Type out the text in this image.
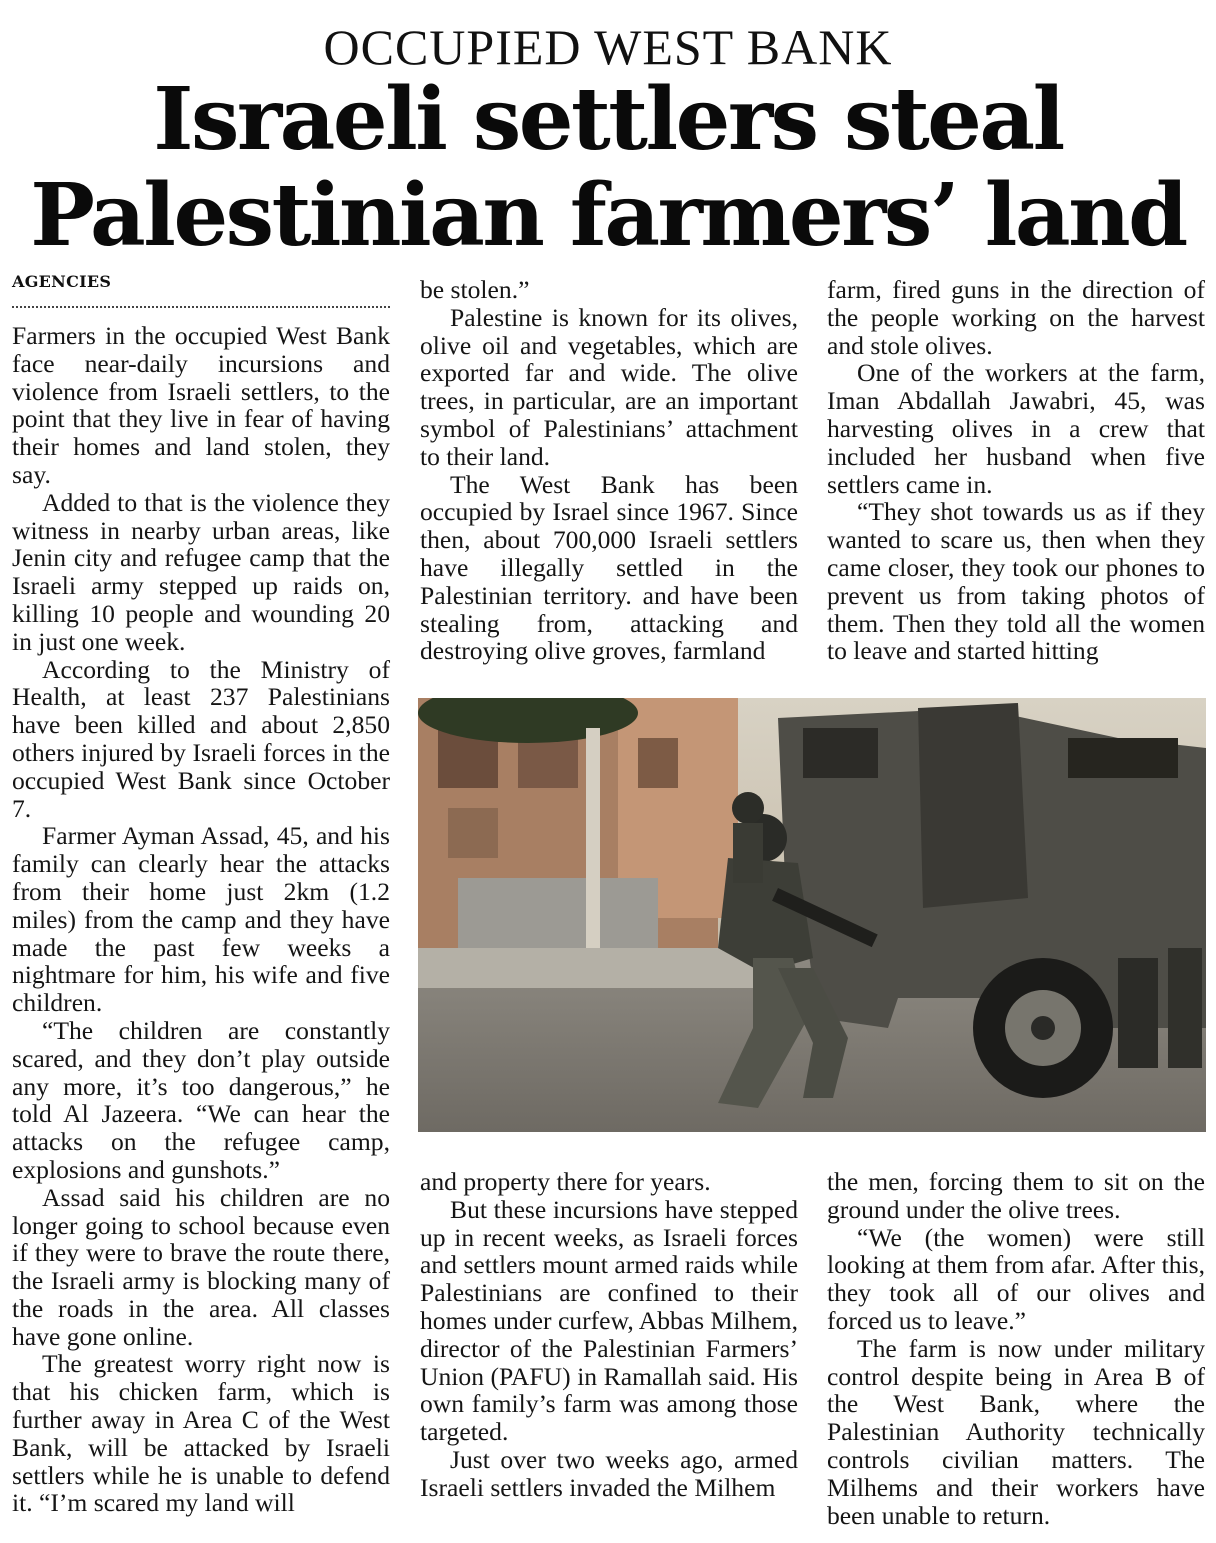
OCCUPIED WEST BANK
Israeli settlers steal Palestinian farmers’ land
AGENCIES

Farmers in the occupied West Bank face near-daily incursions and violence from Israeli settlers, to the point that they live in fear of having their homes and land stolen, they say.

Added to that is the violence they witness in nearby urban areas, like Jenin city and refugee camp that the Israeli army stepped up raids on, killing 10 people and wounding 20 in just one week.

According to the Ministry of Health, at least 237 Palestinians have been killed and about 2,850 others injured by Israeli forces in the occupied West Bank since October 7.

Farmer Ayman Assad, 45, and his family can clearly hear the attacks from their home just 2km (1.2 miles) from the camp and they have made the past few weeks a nightmare for him, his wife and five children.

“The children are constantly scared, and they don’t play outside any more, it’s too dangerous,” he told Al Jazeera. “We can hear the attacks on the refugee camp, explosions and gunshots.”

Assad said his children are no longer going to school because even if they were to brave the route there, the Israeli army is blocking many of the roads in the area. All classes have gone online.

The greatest worry right now is that his chicken farm, which is further away in Area C of the West Bank, will be attacked by Israeli settlers while he is unable to defend it. “I’m scared my land will

be stolen.”

Palestine is known for its olives, olive oil and vegetables, which are exported far and wide. The olive trees, in particular, are an important symbol of Palestinians’ attachment to their land.

The West Bank has been occupied by Israel since 1967. Since then, about 700,000 Israeli settlers have illegally settled in the Palestinian territory. and have been stealing from, attacking and destroying olive groves, farmland

farm, fired guns in the direction of the people working on the harvest and stole olives.

One of the workers at the farm, Iman Abdallah Jawabri, 45, was harvesting olives in a crew that included her husband when five settlers came in.

“They shot towards us as if they wanted to scare us, then when they came closer, they took our phones to prevent us from taking photos of them. Then they told all the women to leave and started hitting

and property there for years.

But these incursions have stepped up in recent weeks, as Israeli forces and settlers mount armed raids while Palestinians are confined to their homes under curfew, Abbas Milhem, director of the Palestinian Farmers’ Union (PAFU) in Ramallah said. His own family’s farm was among those targeted.

Just over two weeks ago, armed Israeli settlers invaded the Milhem

the men, forcing them to sit on the ground under the olive trees.

“We (the women) were still looking at them from afar. After this, they took all of our olives and forced us to leave.”

The farm is now under military control despite being in Area B of the West Bank, where the Palestinian Authority technically controls civilian matters. The Milhems and their workers have been unable to return.
